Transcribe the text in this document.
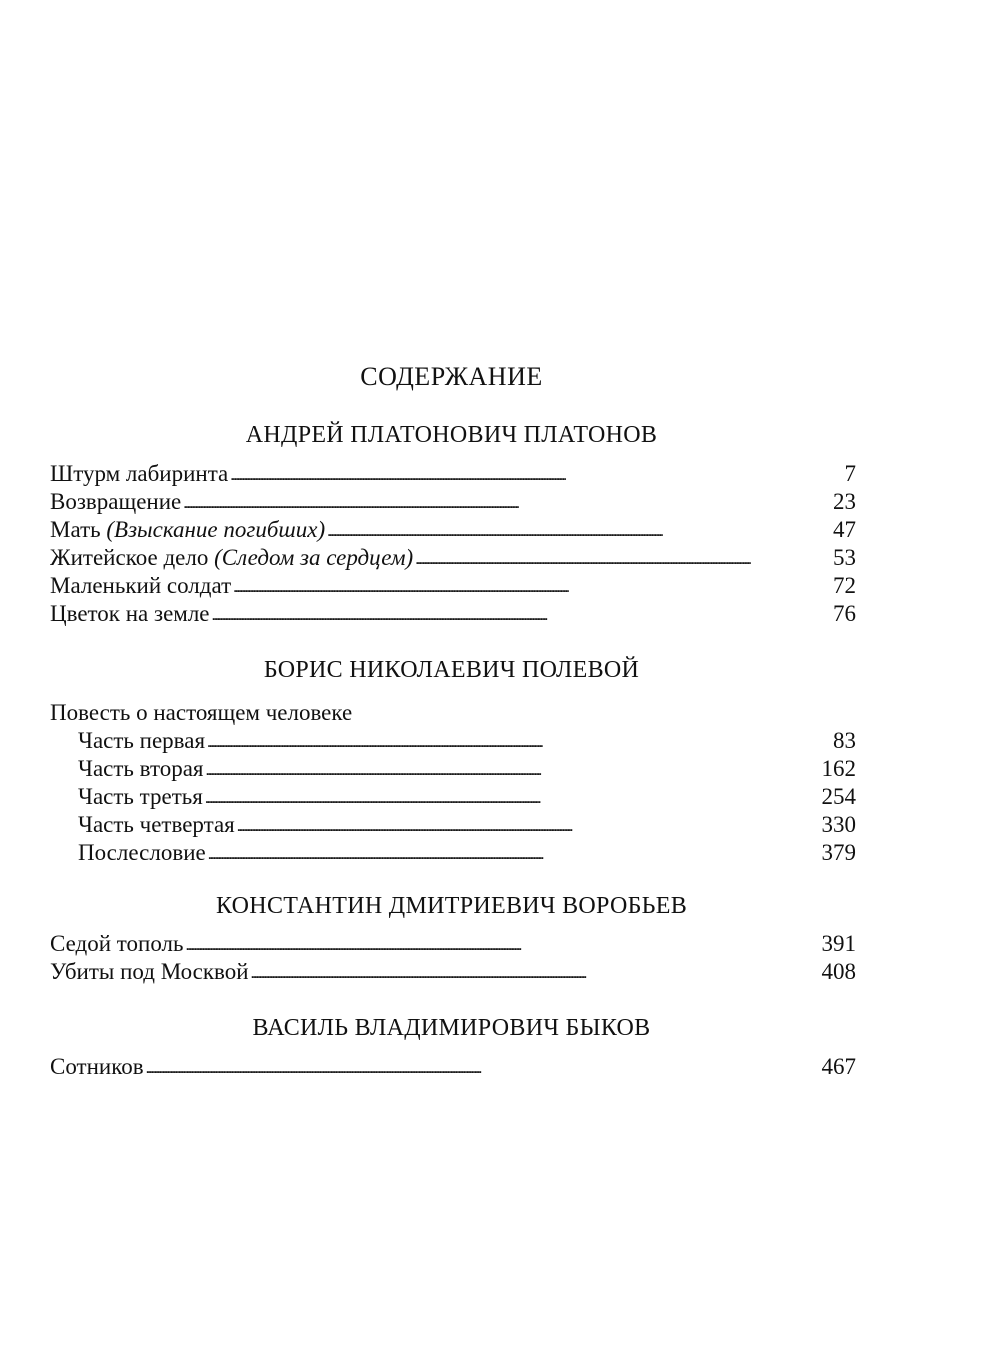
СОДЕРЖАНИЕ
АНДРЕЙ ПЛАТОНОВИЧ ПЛАТОНОВ
Штурм лабиринта . . .	7
Возвращение . . .	23
Мать (Взыскание погибших) . . .	47
Житейское дело (Следом за сердцем) . . .	53
Маленький солдат . . .	72
Цветок на земле . . .	76
БОРИС НИКОЛАЕВИЧ ПОЛЕВОЙ
Повесть о настоящем человеке
Часть первая . . .	83
Часть вторая . . .	162
Часть третья . . .	254
Часть четвертая . . .	330
Послесловие . . .	379
КОНСТАНТИН ДМИТРИЕВИЧ ВОРОБЬЕВ
Седой тополь . . .	391
Убиты под Москвой . . .	408
ВАСИЛЬ ВЛАДИМИРОВИЧ БЫКОВ
Сотников . . .	467
